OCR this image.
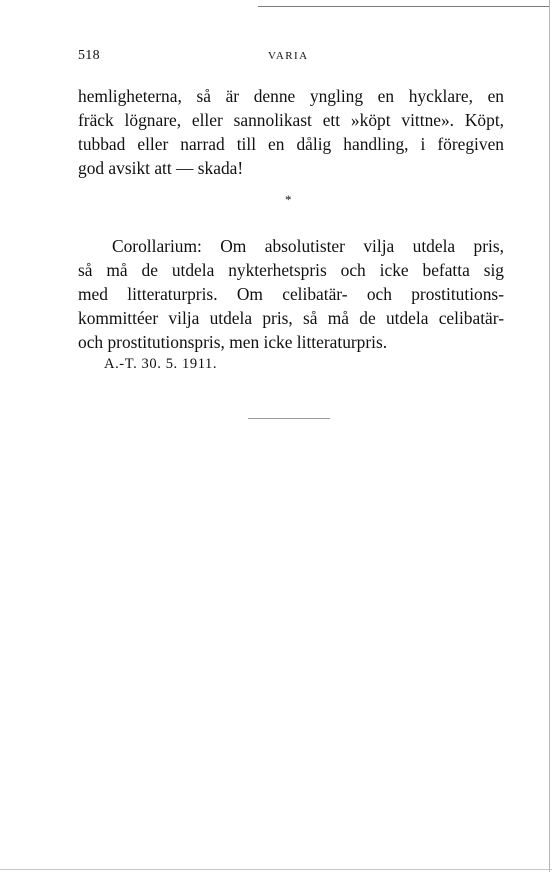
518	VARIA
hemligheterna, så är denne yngling en hycklare, en
fräck lögnare, eller sannolikast ett »köpt vittne». Köpt,
tubbad eller narrad till en dålig handling, i föregiven
god avsikt att — skada!
*
Corollarium: Om absolutister vilja utdela pris,
så må de utdela nykterhetspris och icke befatta sig
med litteraturpris. Om celibatär- och prostitutions-
kommittéer vilja utdela pris, så må de utdela celibatär-
och prostitutionspris, men icke litteraturpris.
A.-T. 30. 5. 1911.
